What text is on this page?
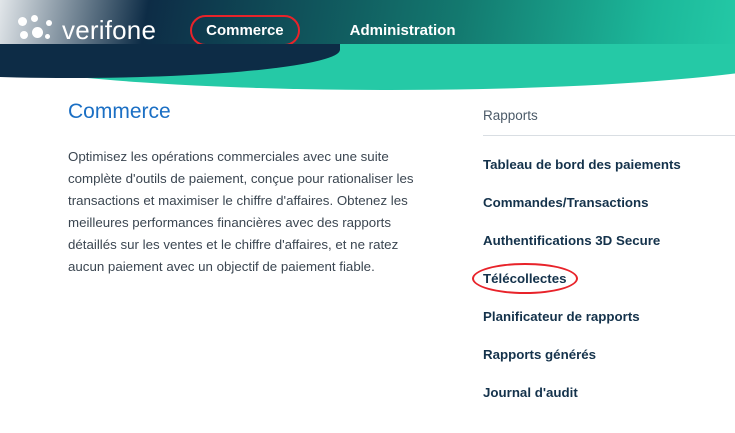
verifone	Commerce	Administration
Commerce

Optimisez les opérations commerciales avec une suite complète d'outils de paiement, conçue pour rationaliser les transactions et maximiser le chiffre d'affaires. Obtenez les meilleures performances financières avec des rapports détaillés sur les ventes et le chiffre d'affaires, et ne ratez aucun paiement avec un objectif de paiement fiable.

Rapports
Tableau de bord des paiements
Commandes/Transactions
Authentifications 3D Secure
Télécollectes
Planificateur de rapports
Rapports générés
Journal d'audit
